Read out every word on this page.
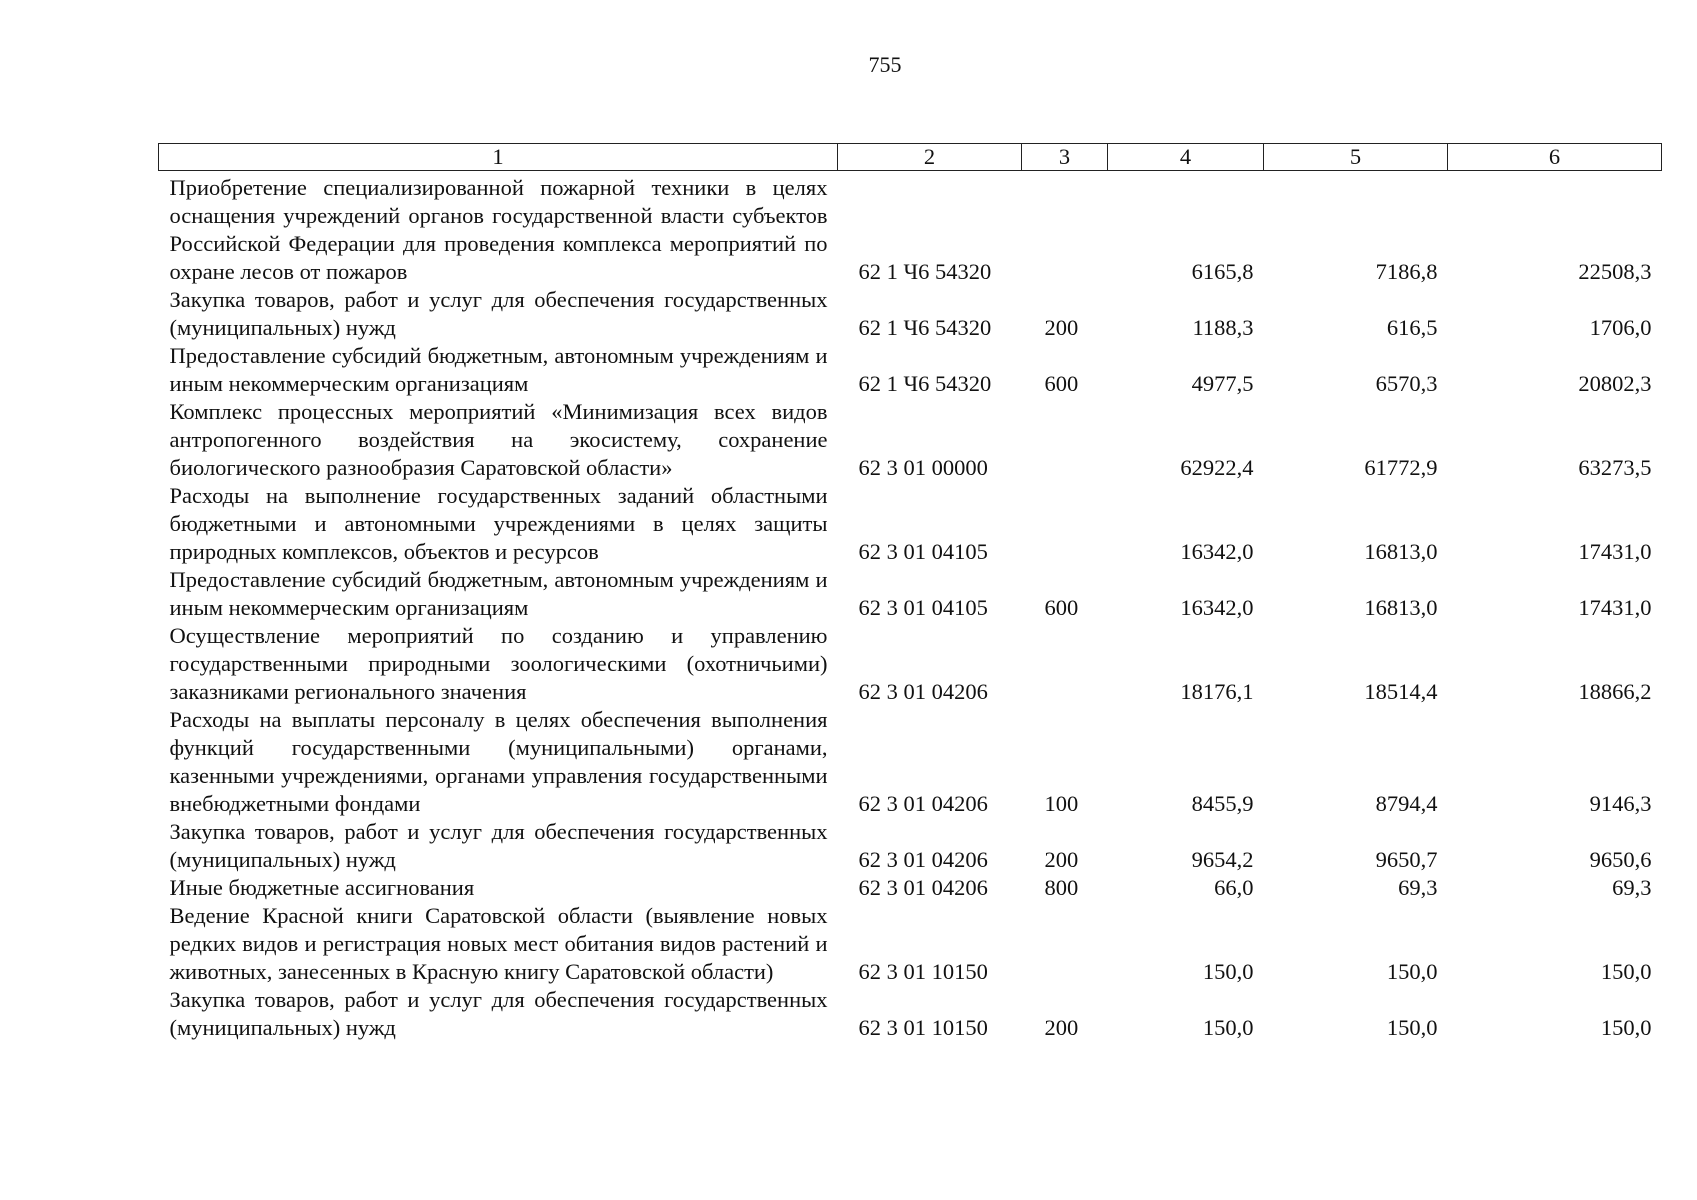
755
1	2	3	4	5	6
Приобретение специализированной пожарной техники в целях оснащения учреждений органов государственной власти субъектов Российской Федерации для проведения комплекса мероприятий по охране лесов от пожаров	62 1 Ч6 54320		6165,8	7186,8	22508,3
Закупка товаров, работ и услуг для обеспечения государственных (муниципальных) нужд	62 1 Ч6 54320	200	1188,3	616,5	1706,0
Предоставление субсидий бюджетным, автономным учреждениям и иным некоммерческим организациям	62 1 Ч6 54320	600	4977,5	6570,3	20802,3
Комплекс процессных мероприятий «Минимизация всех видов антропогенного воздействия на экосистему, сохранение биологического разнообразия Саратовской области»	62 3 01 00000		62922,4	61772,9	63273,5
Расходы на выполнение государственных заданий областными бюджетными и автономными учреждениями в целях защиты природных комплексов, объектов и ресурсов	62 3 01 04105		16342,0	16813,0	17431,0
Предоставление субсидий бюджетным, автономным учреждениям и иным некоммерческим организациям	62 3 01 04105	600	16342,0	16813,0	17431,0
Осуществление мероприятий по созданию и управлению государственными природными зоологическими (охотничьими) заказниками регионального значения	62 3 01 04206		18176,1	18514,4	18866,2
Расходы на выплаты персоналу в целях обеспечения выполнения функций государственными (муниципальными) органами, казенными учреждениями, органами управления государственными внебюджетными фондами	62 3 01 04206	100	8455,9	8794,4	9146,3
Закупка товаров, работ и услуг для обеспечения государственных (муниципальных) нужд	62 3 01 04206	200	9654,2	9650,7	9650,6
Иные бюджетные ассигнования	62 3 01 04206	800	66,0	69,3	69,3
Ведение Красной книги Саратовской области (выявление новых редких видов и регистрация новых мест обитания видов растений и животных, занесенных в Красную книгу Саратовской области)	62 3 01 10150		150,0	150,0	150,0
Закупка товаров, работ и услуг для обеспечения государственных (муниципальных) нужд	62 3 01 10150	200	150,0	150,0	150,0
